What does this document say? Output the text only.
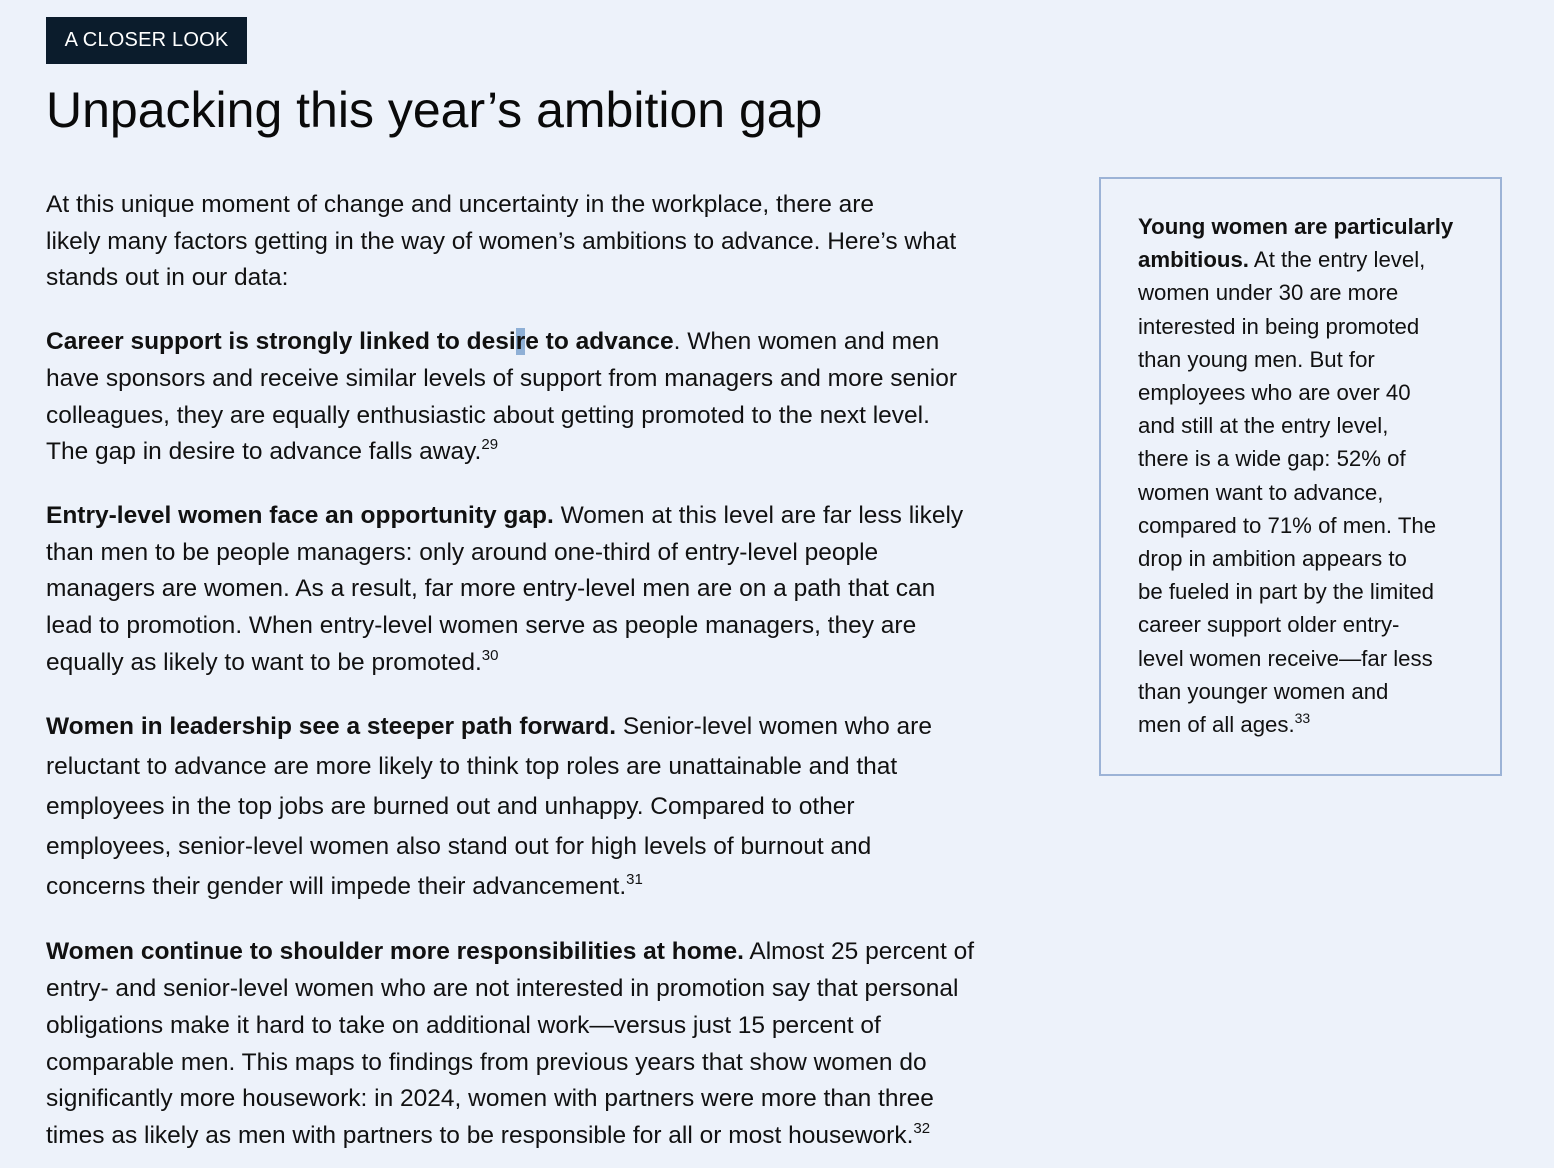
A CLOSER LOOK
Unpacking this year’s ambition gap

At this unique moment of change and uncertainty in the workplace, there are
likely many factors getting in the way of women’s ambitions to advance. Here’s what
stands out in our data:

Career support is strongly linked to desire to advance. When women and men
have sponsors and receive similar levels of support from managers and more senior
colleagues, they are equally enthusiastic about getting promoted to the next level.
The gap in desire to advance falls away.$^{29}$

Entry-level women face an opportunity gap. Women at this level are far less likely
than men to be people managers: only around one-third of entry-level people
managers are women. As a result, far more entry-level men are on a path that can
lead to promotion. When entry-level women serve as people managers, they are
equally as likely to want to be promoted.$^{30}$

Women in leadership see a steeper path forward. Senior-level women who are
reluctant to advance are more likely to think top roles are unattainable and that
employees in the top jobs are burned out and unhappy. Compared to other
employees, senior-level women also stand out for high levels of burnout and
concerns their gender will impede their advancement.$^{31}$

Women continue to shoulder more responsibilities at home. Almost 25 percent of
entry- and senior-level women who are not interested in promotion say that personal
obligations make it hard to take on additional work—versus just 15 percent of
comparable men. This maps to findings from previous years that show women do
significantly more housework: in 2024, women with partners were more than three
times as likely as men with partners to be responsible for all or most housework.$^{32}$

Young women are particularly
ambitious. At the entry level,
women under 30 are more
interested in being promoted
than young men. But for
employees who are over 40
and still at the entry level,
there is a wide gap: 52% of
women want to advance,
compared to 71% of men. The
drop in ambition appears to
be fueled in part by the limited
career support older entry-
level women receive—far less
than younger women and
men of all ages.$^{33}$
